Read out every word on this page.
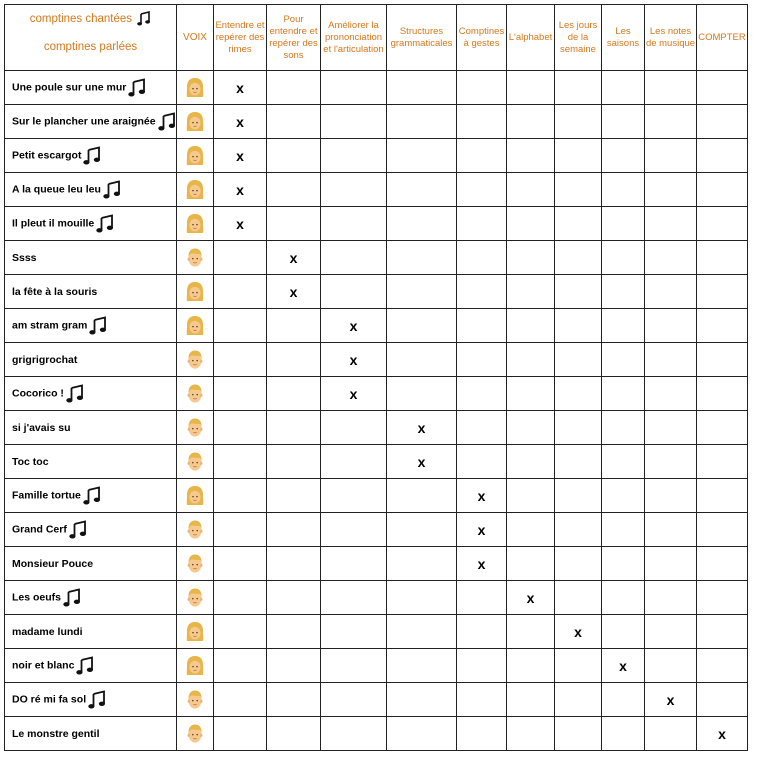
comptines chantées
comptines parlées	VOIX	Entendre et repérer des rimes	Pour entendre et repérer des sons	Améliorer la prononciation et l'articulation	Structures grammaticales	Comptines à gestes	L'alphabet	Les jours de la semaine	Les saisons	Les notes de musique	COMPTER
Une poule sur une mur		x									
Sur le plancher une araignée		x									
Petit escargot		x									
A la queue leu leu		x									
Il pleut il mouille		x									
Ssss			x								
la fête à la souris			x								
am stram gram				x							
grigrigrochat				x							
Cocorico !				x							
si j'avais su					x						
Toc toc					x						
Famille tortue						x					
Grand Cerf						x					
Monsieur Pouce						x					
Les oeufs							x				
madame lundi								x			
noir et blanc									x		
DO ré mi fa sol										x	
Le monstre gentil											x
